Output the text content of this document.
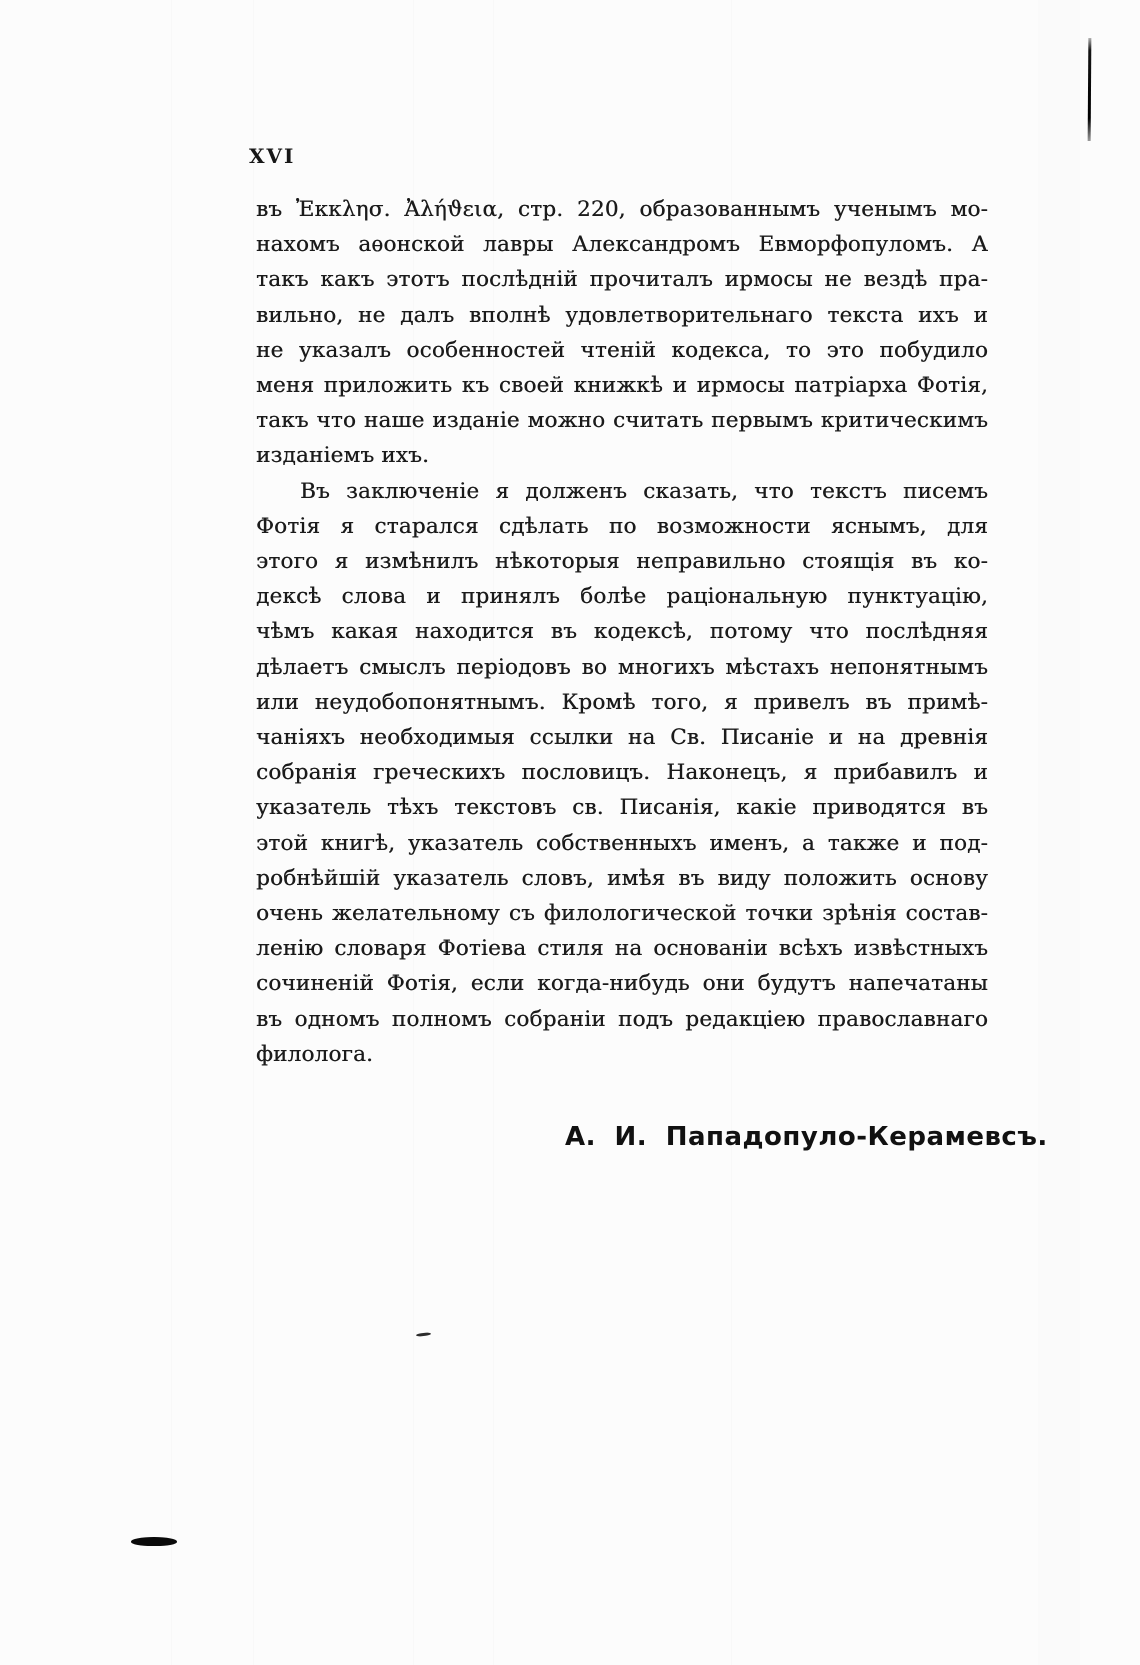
XVI
въ Ἐκκλησ. Ἀλήϑεια, стр. 220, образованнымъ ученымъ мо-
нахомъ аѳонской лавры Александромъ Евморфопуломъ. А
такъ какъ этотъ послѣдній прочиталъ ирмосы не вездѣ пра-
вильно, не далъ вполнѣ удовлетворительнаго текста ихъ и
не указалъ особенностей чтеній кодекса, то это побудило
меня приложить къ своей книжкѣ и ирмосы патріарха Фотія,
такъ что наше изданіе можно считать первымъ критическимъ
изданіемъ ихъ.
Въ заключеніе я долженъ сказать, что текстъ писемъ
Фотія я старался сдѣлать по возможности яснымъ, для
этого я измѣнилъ нѣкоторыя неправильно стоящія въ ко-
дексѣ слова и принялъ болѣе раціональную пунктуацію,
чѣмъ какая находится въ кодексѣ, потому что послѣдняя
дѣлаетъ смыслъ періодовъ во многихъ мѣстахъ непонятнымъ
или неудобопонятнымъ. Кромѣ того, я привелъ въ примѣ-
чаніяхъ необходимыя ссылки на Св. Писаніе и на древнія
собранія греческихъ пословицъ. Наконецъ, я прибавилъ и
указатель тѣхъ текстовъ св. Писанія, какіе приводятся въ
этой книгѣ, указатель собственныхъ именъ, а также и под-
робнѣйшій указатель словъ, имѣя въ виду положить основу
очень желательному съ филологической точки зрѣнія состав-
ленію словаря Фотіева стиля на основаніи всѣхъ извѣстныхъ
сочиненій Фотія, если когда-нибудь они будутъ напечатаны
въ одномъ полномъ собраніи подъ редакціею православнаго
филолога.
А. И. Пападопуло-Керамевсъ.
